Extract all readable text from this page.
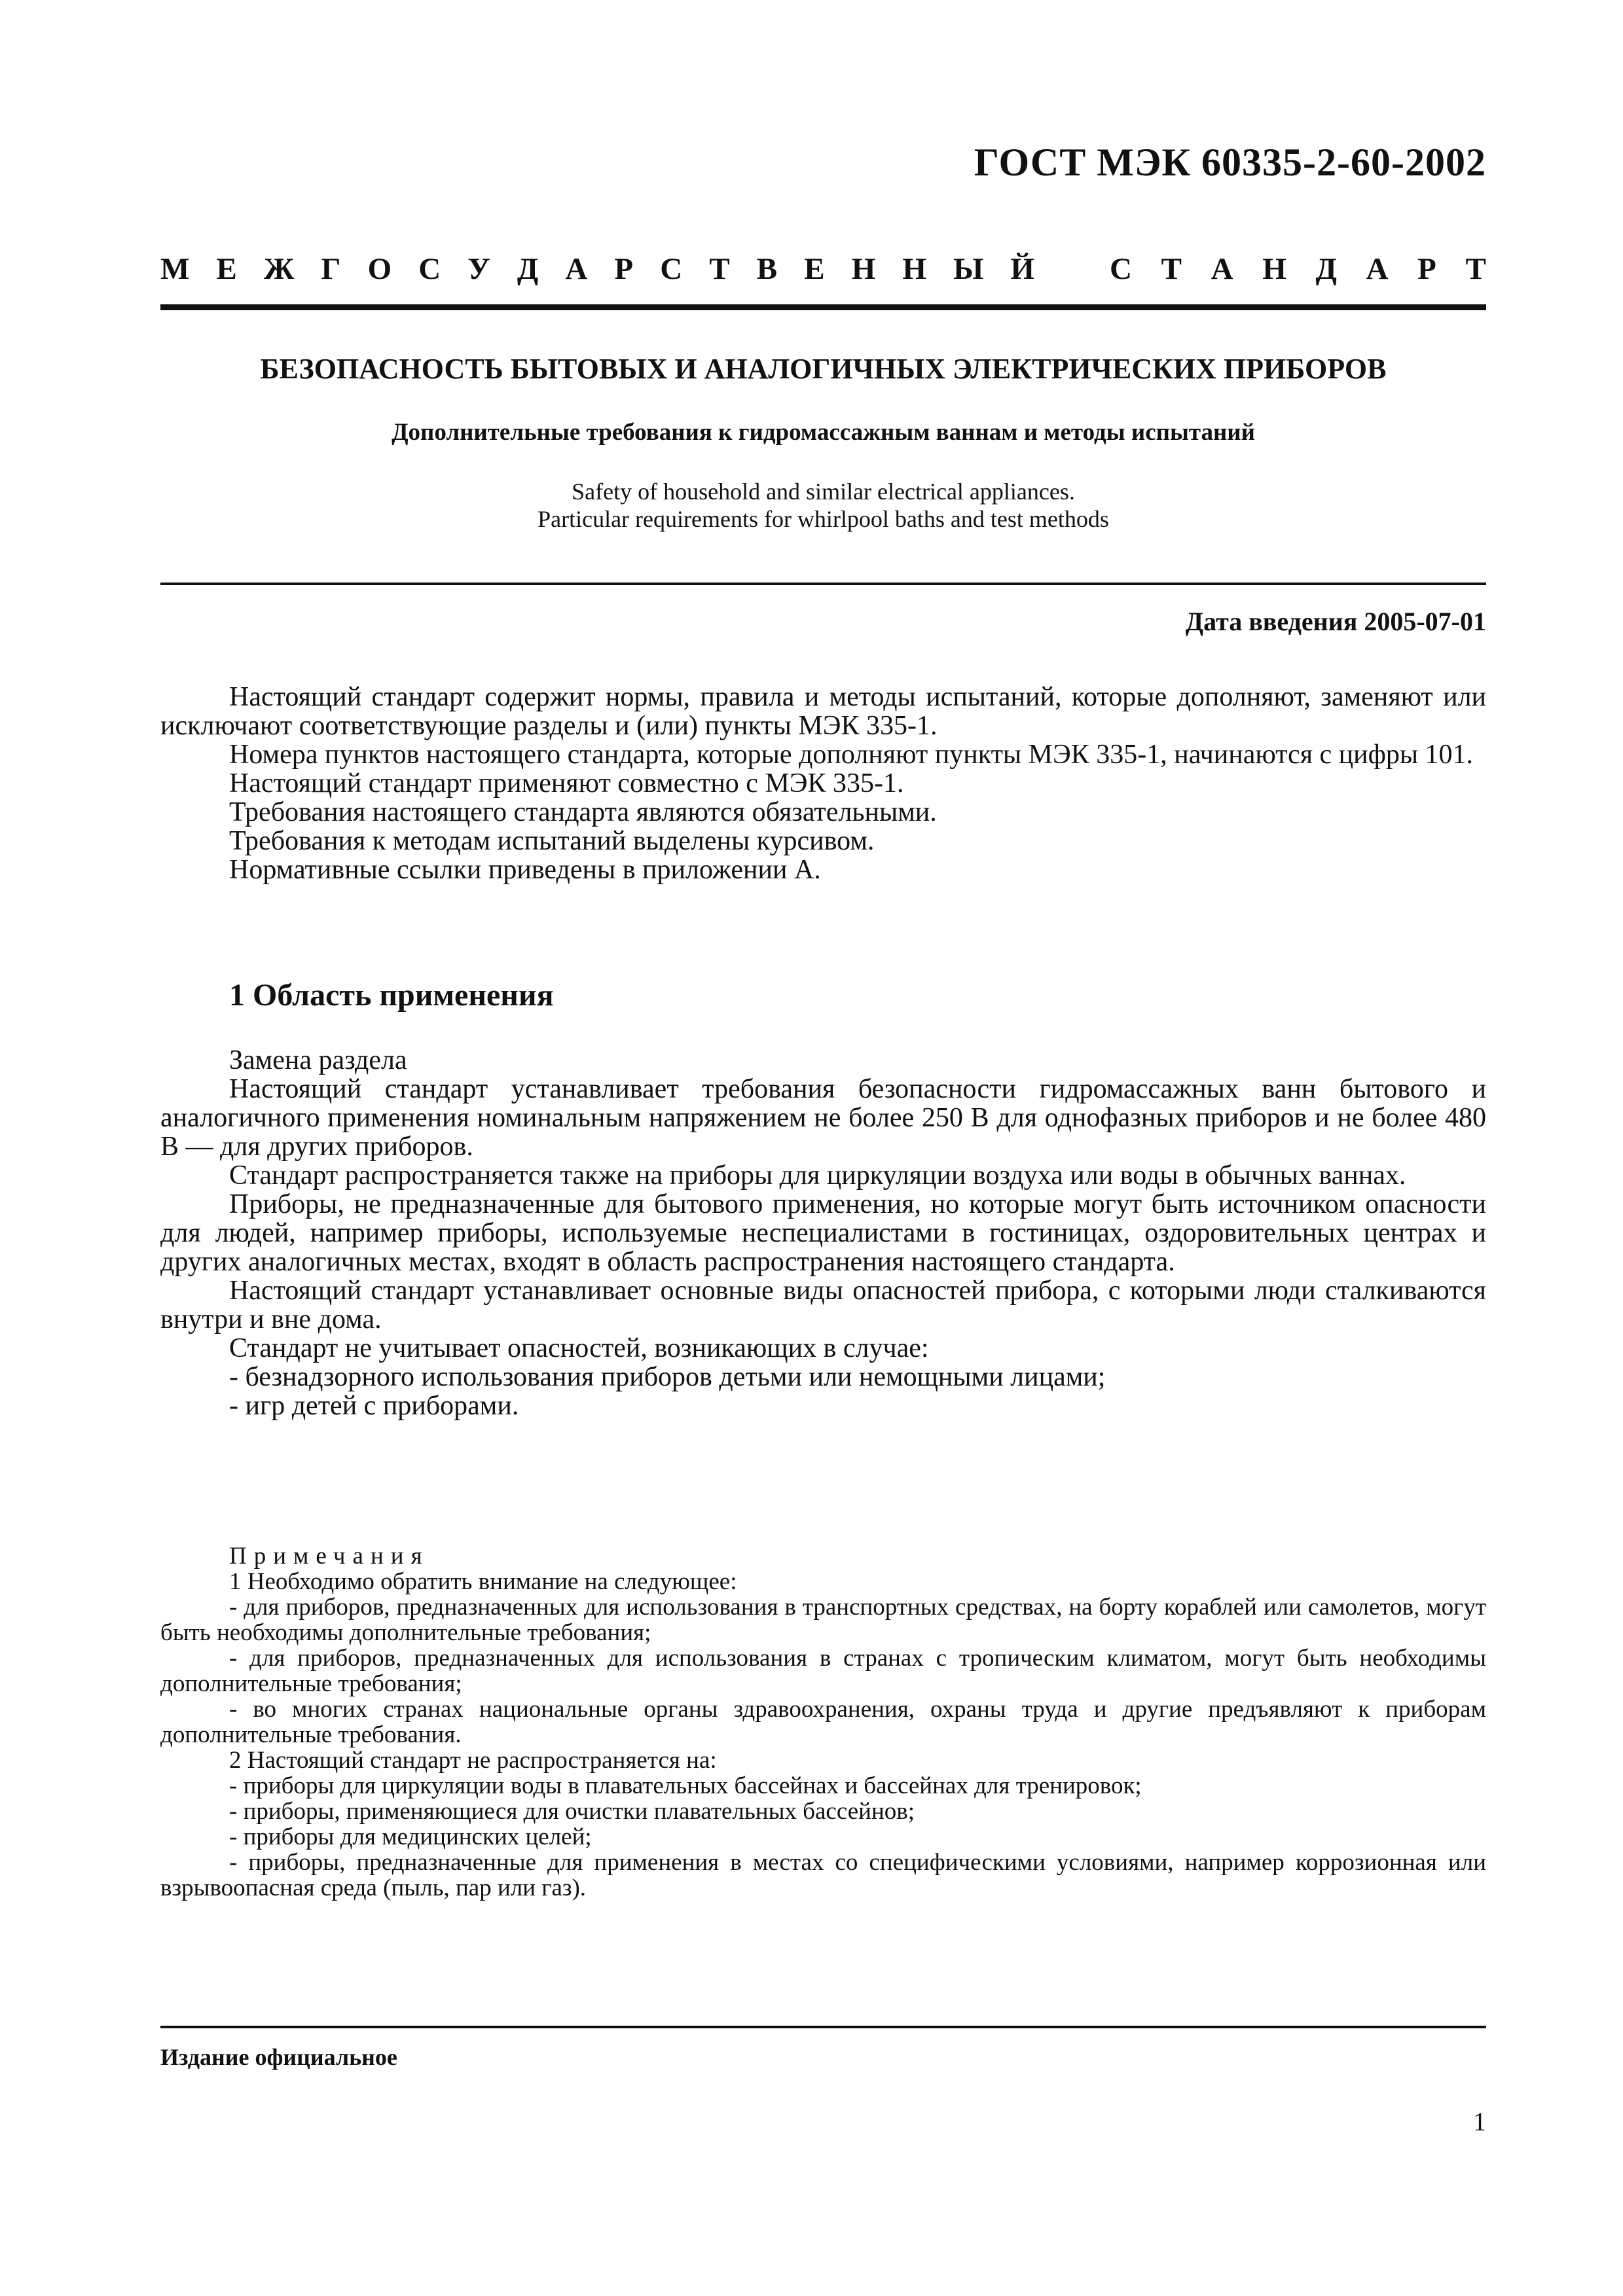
ГОСТ МЭК 60335-2-60-2002
М Е Ж Г О С У Д А Р С Т В Е Н Н Ы Й С Т А Н Д А Р Т
БЕЗОПАСНОСТЬ БЫТОВЫХ И АНАЛОГИЧНЫХ ЭЛЕКТРИЧЕСКИХ ПРИБОРОВ
Дополнительные требования к гидромассажным ваннам и методы испытаний
Safety of household and similar electrical appliances.
Particular requirements for whirlpool baths and test methods
Дата введения 2005-07-01

Настоящий стандарт содержит нормы, правила и методы испытаний, которые дополняют, заменяют или исключают соответствующие разделы и (или) пункты МЭК 335-1.

Номера пунктов настоящего стандарта, которые дополняют пункты МЭК 335-1, начинаются с цифры 101.

Настоящий стандарт применяют совместно с МЭК 335-1.

Требования настоящего стандарта являются обязательными.

Требования к методам испытаний выделены курсивом.

Нормативные ссылки приведены в приложении А.

1 Область применения

Замена раздела

Настоящий стандарт устанавливает требования безопасности гидромассажных ванн бытового и аналогичного применения номинальным напряжением не более 250 В для однофазных приборов и не более 480 В — для других приборов.

Стандарт распространяется также на приборы для циркуляции воздуха или воды в обычных ваннах.

Приборы, не предназначенные для бытового применения, но которые могут быть источником опасности для людей, например приборы, используемые неспециалистами в гостиницах, оздоровительных центрах и других аналогичных местах, входят в область распространения настоящего стандарта.

Настоящий стандарт устанавливает основные виды опасностей прибора, с которыми люди сталкиваются внутри и вне дома.

Стандарт не учитывает опасностей, возникающих в случае:

- безнадзорного использования приборов детьми или немощными лицами;

- игр детей с приборами.

Примечания

1 Необходимо обратить внимание на следующее:

- для приборов, предназначенных для использования в транспортных средствах, на борту кораблей или самолетов, могут быть необходимы дополнительные требования;

- для приборов, предназначенных для использования в странах с тропическим климатом, могут быть необходимы дополнительные требования;

- во многих странах национальные органы здравоохранения, охраны труда и другие предъявляют к приборам дополнительные требования.

2 Настоящий стандарт не распространяется на:

- приборы для циркуляции воды в плавательных бассейнах и бассейнах для тренировок;

- приборы, применяющиеся для очистки плавательных бассейнов;

- приборы для медицинских целей;

- приборы, предназначенные для применения в местах со специфическими условиями, например коррозионная или взрывоопасная среда (пыль, пар или газ).

Издание официальное
1
